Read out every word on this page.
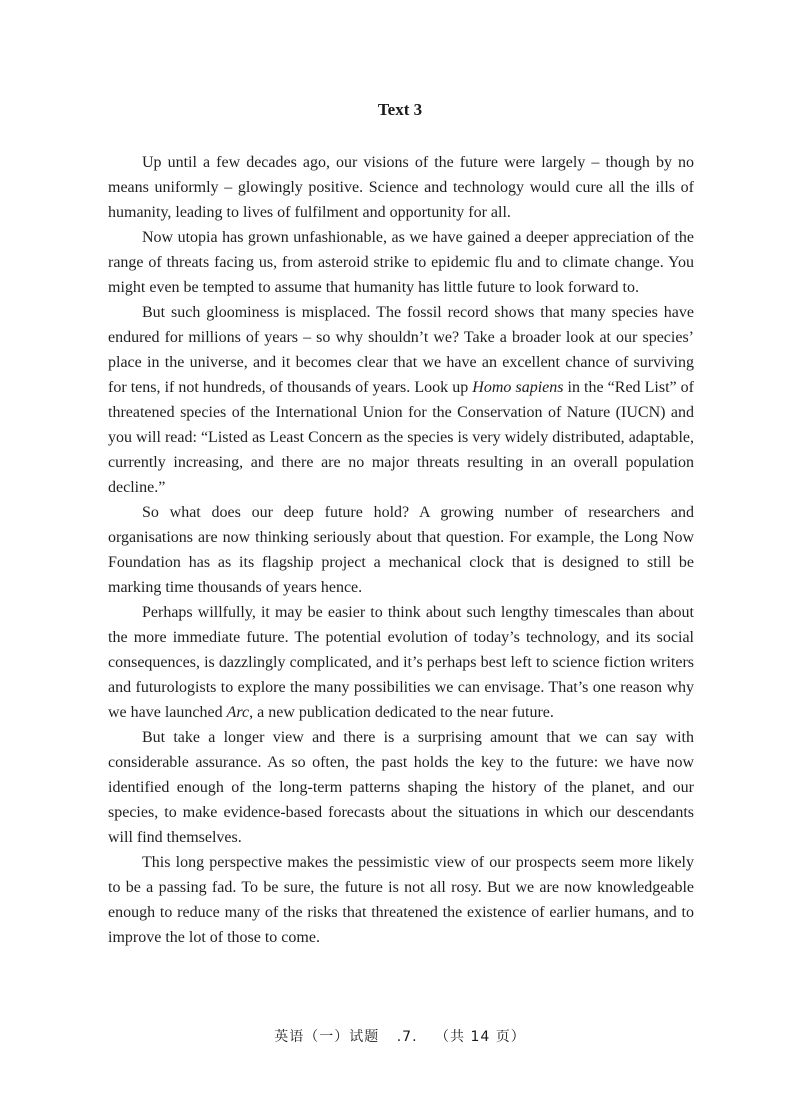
Text 3

Up until a few decades ago, our visions of the future were largely – though by no means uniformly – glowingly positive. Science and technology would cure all the ills of humanity, leading to lives of fulfilment and opportunity for all.

Now utopia has grown unfashionable, as we have gained a deeper appreciation of the range of threats facing us, from asteroid strike to epidemic flu and to climate change. You might even be tempted to assume that humanity has little future to look forward to.

But such gloominess is misplaced. The fossil record shows that many species have endured for millions of years – so why shouldn’t we? Take a broader look at our species’ place in the universe, and it becomes clear that we have an excellent chance of surviving for tens, if not hundreds, of thousands of years. Look up Homo sapiens in the “Red List” of threatened species of the International Union for the Conservation of Nature (IUCN) and you will read: “Listed as Least Concern as the species is very widely distributed, adaptable, currently increasing, and there are no major threats resulting in an overall population decline.”

So what does our deep future hold? A growing number of researchers and organisations are now thinking seriously about that question. For example, the Long Now Foundation has as its flagship project a mechanical clock that is designed to still be marking time thousands of years hence.

Perhaps willfully, it may be easier to think about such lengthy timescales than about the more immediate future. The potential evolution of today’s technology, and its social consequences, is dazzlingly complicated, and it’s perhaps best left to science fiction writers and futurologists to explore the many possibilities we can envisage. That’s one reason why we have launched Arc, a new publication dedicated to the near future.

But take a longer view and there is a surprising amount that we can say with considerable assurance. As so often, the past holds the key to the future: we have now identified enough of the long-term patterns shaping the history of the planet, and our species, to make evidence-based forecasts about the situations in which our descendants will find themselves.

This long perspective makes the pessimistic view of our prospects seem more likely to be a passing fad. To be sure, the future is not all rosy. But we are now knowledgeable enough to reduce many of the risks that threatened the existence of earlier humans, and to improve the lot of those to come.

英语（一）试题 .7. （共 14 页）
